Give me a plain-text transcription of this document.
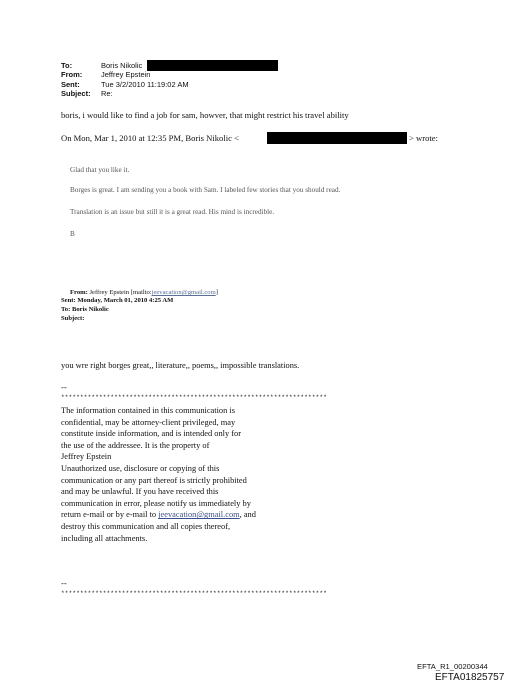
To:	Boris Nikolic
From:	Jeffrey Epstein
Sent:	Tue 3/2/2010 11:19:02 AM
Subject: Re:
boris, i would like to find a job for sam, howver, that might restrict his travel ability
On Mon, Mar 1, 2010 at 12:35 PM, Boris Nikolic <	> wrote:
Glad that you like it.
Borges is great. I am sending you a book with Sam. I labeled few stories that you should read.
Translation is an issue but still it is a great read. His mind is incredible.
B
From: Jeffrey Epstein [mailto:jeevacation@gmail.com]
Sent: Monday, March 01, 2010 4:25 AM
To: Boris Nikolic
Subject:
you wre right borges great,, literature,, poems,, impossible translations.
--
**********************************************************************
The information contained in this communication is
confidential, may be attorney-client privileged, may
constitute inside information, and is intended only for
the use of the addressee. It is the property of
Jeffrey Epstein
Unauthorized use, disclosure or copying of this
communication or any part thereof is strictly prohibited
and may be unlawful. If you have received this
communication in error, please notify us immediately by
return e-mail or by e-mail to jeevacation@gmail.com, and
destroy this communication and all copies thereof,
including all attachments.
--
**********************************************************************
EFTA_R1_00200344
EFTA01825757
